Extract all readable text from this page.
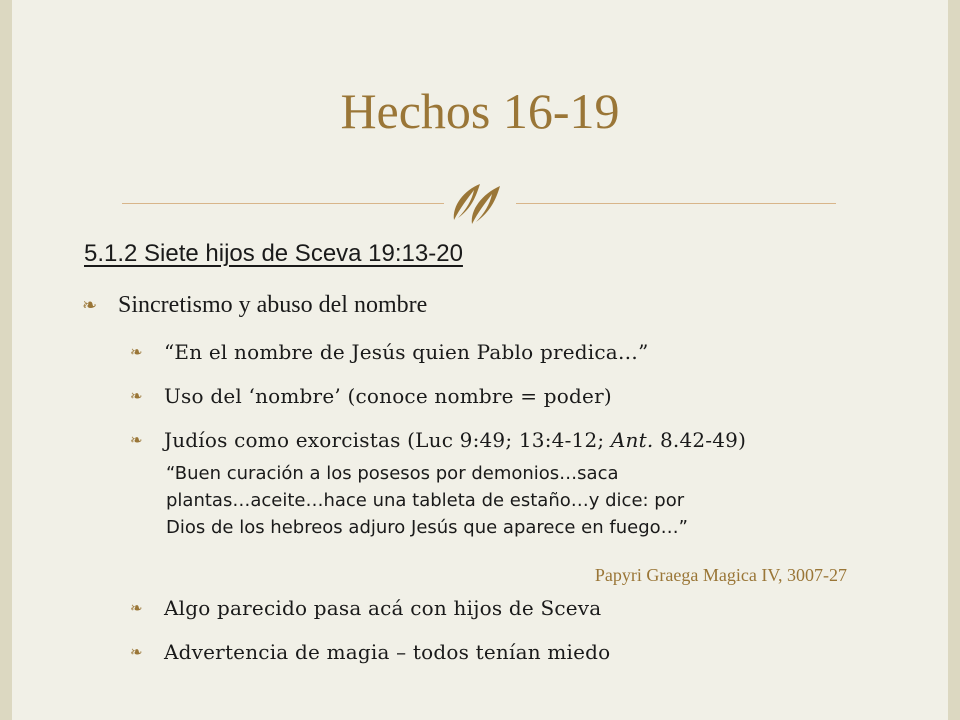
Hechos 16-19
5.1.2 Siete hijos de Sceva 19:13-20
❧ Sincretismo y abuso del nombre
❧	“En el nombre de Jesús quien Pablo predica…”
❧	Uso del ‘nombre’ (conoce nombre = poder)
❧	Judíos como exorcistas (Luc 9:49; 13:4-12; Ant. 8.42-49)
“Buen curación a los posesos por demonios…saca
plantas…aceite…hace una tableta de estaño…y dice: por
Dios de los hebreos adjuro Jesús que aparece en fuego…”
Papyri Graega Magica IV, 3007-27
❧	Algo parecido pasa acá con hijos de Sceva
❧	Advertencia de magia – todos tenían miedo
